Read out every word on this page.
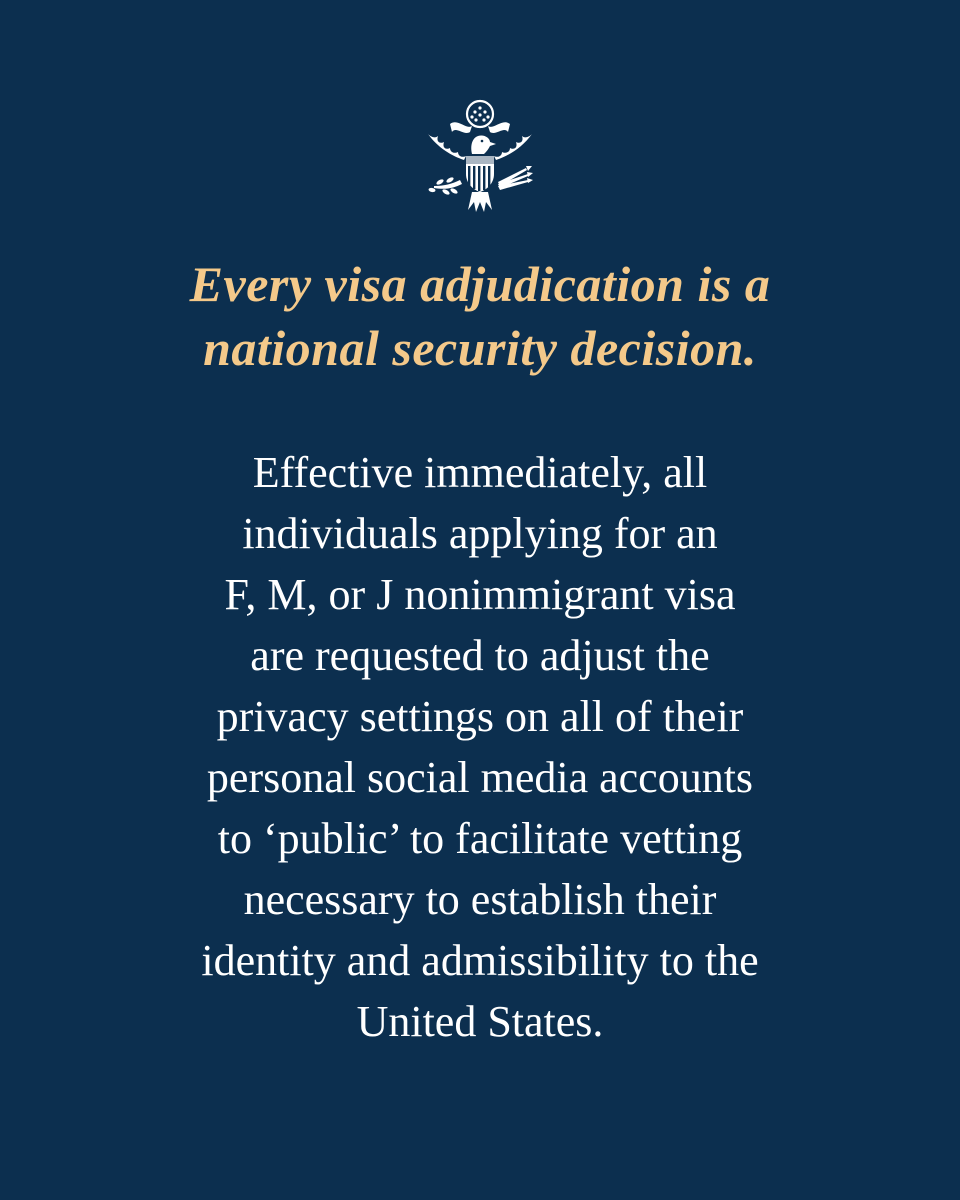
Every visa adjudication is a
national security decision.
Effective immediately, all
individuals applying for an
F, M, or J nonimmigrant visa
are requested to adjust the
privacy settings on all of their
personal social media accounts
to ‘public’ to facilitate vetting
necessary to establish their
identity and admissibility to the
United States.
